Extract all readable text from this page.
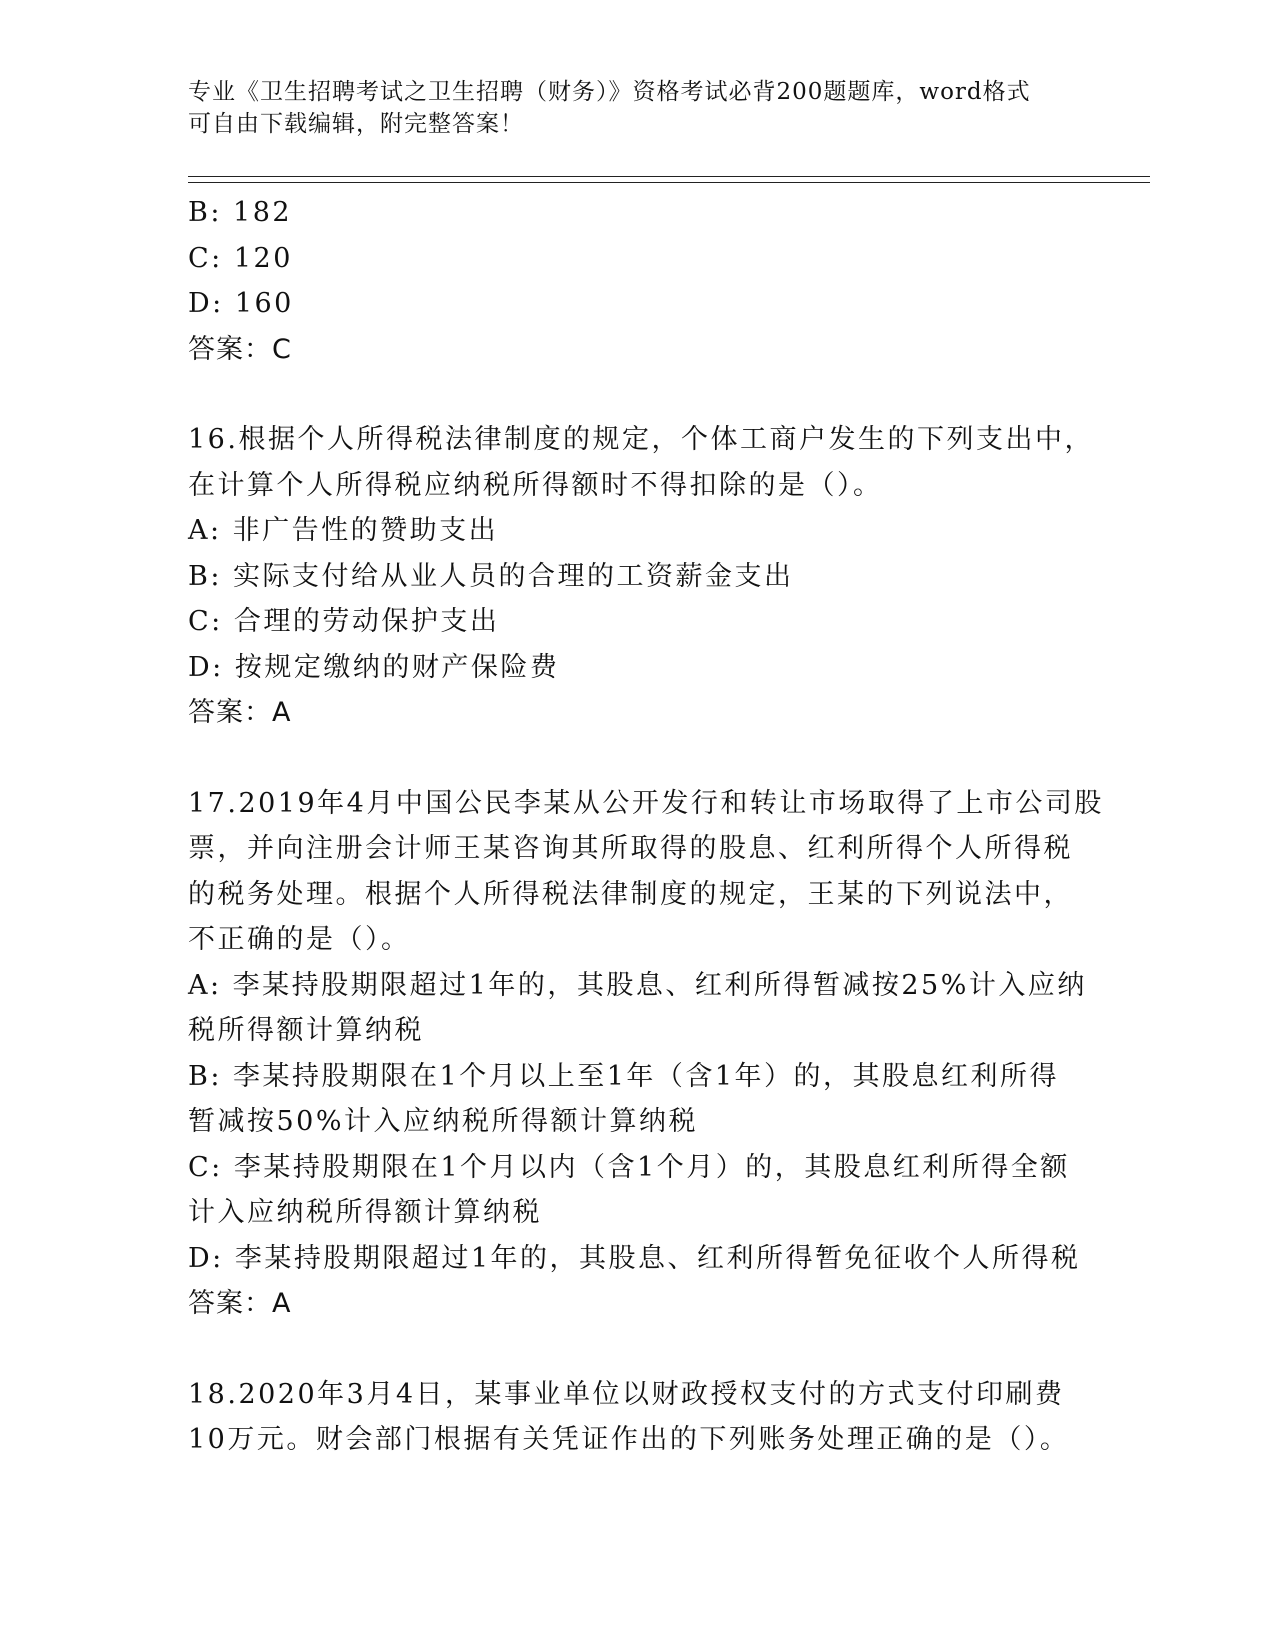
专业《卫生招聘考试之卫生招聘（财务）》资格考试必背200题题库，word格式
可自由下载编辑，附完整答案！
B: 182
C: 120
D: 160
答案：C
16.根据个人所得税法律制度的规定，个体工商户发生的下列支出中，
在计算个人所得税应纳税所得额时不得扣除的是（）。
A: 非广告性的赞助支出
B: 实际支付给从业人员的合理的工资薪金支出
C: 合理的劳动保护支出
D: 按规定缴纳的财产保险费
答案：A
17.2019年4月中国公民李某从公开发行和转让市场取得了上市公司股
票，并向注册会计师王某咨询其所取得的股息、红利所得个人所得税
的税务处理。根据个人所得税法律制度的规定，王某的下列说法中，
不正确的是（）。
A: 李某持股期限超过1年的，其股息、红利所得暂减按25%计入应纳
税所得额计算纳税
B: 李某持股期限在1个月以上至1年（含1年）的，其股息红利所得
暂减按50%计入应纳税所得额计算纳税
C: 李某持股期限在1个月以内（含1个月）的，其股息红利所得全额
计入应纳税所得额计算纳税
D: 李某持股期限超过1年的，其股息、红利所得暂免征收个人所得税
答案：A
18.2020年3月4日，某事业单位以财政授权支付的方式支付印刷费
10万元。财会部门根据有关凭证作出的下列账务处理正确的是（）。
